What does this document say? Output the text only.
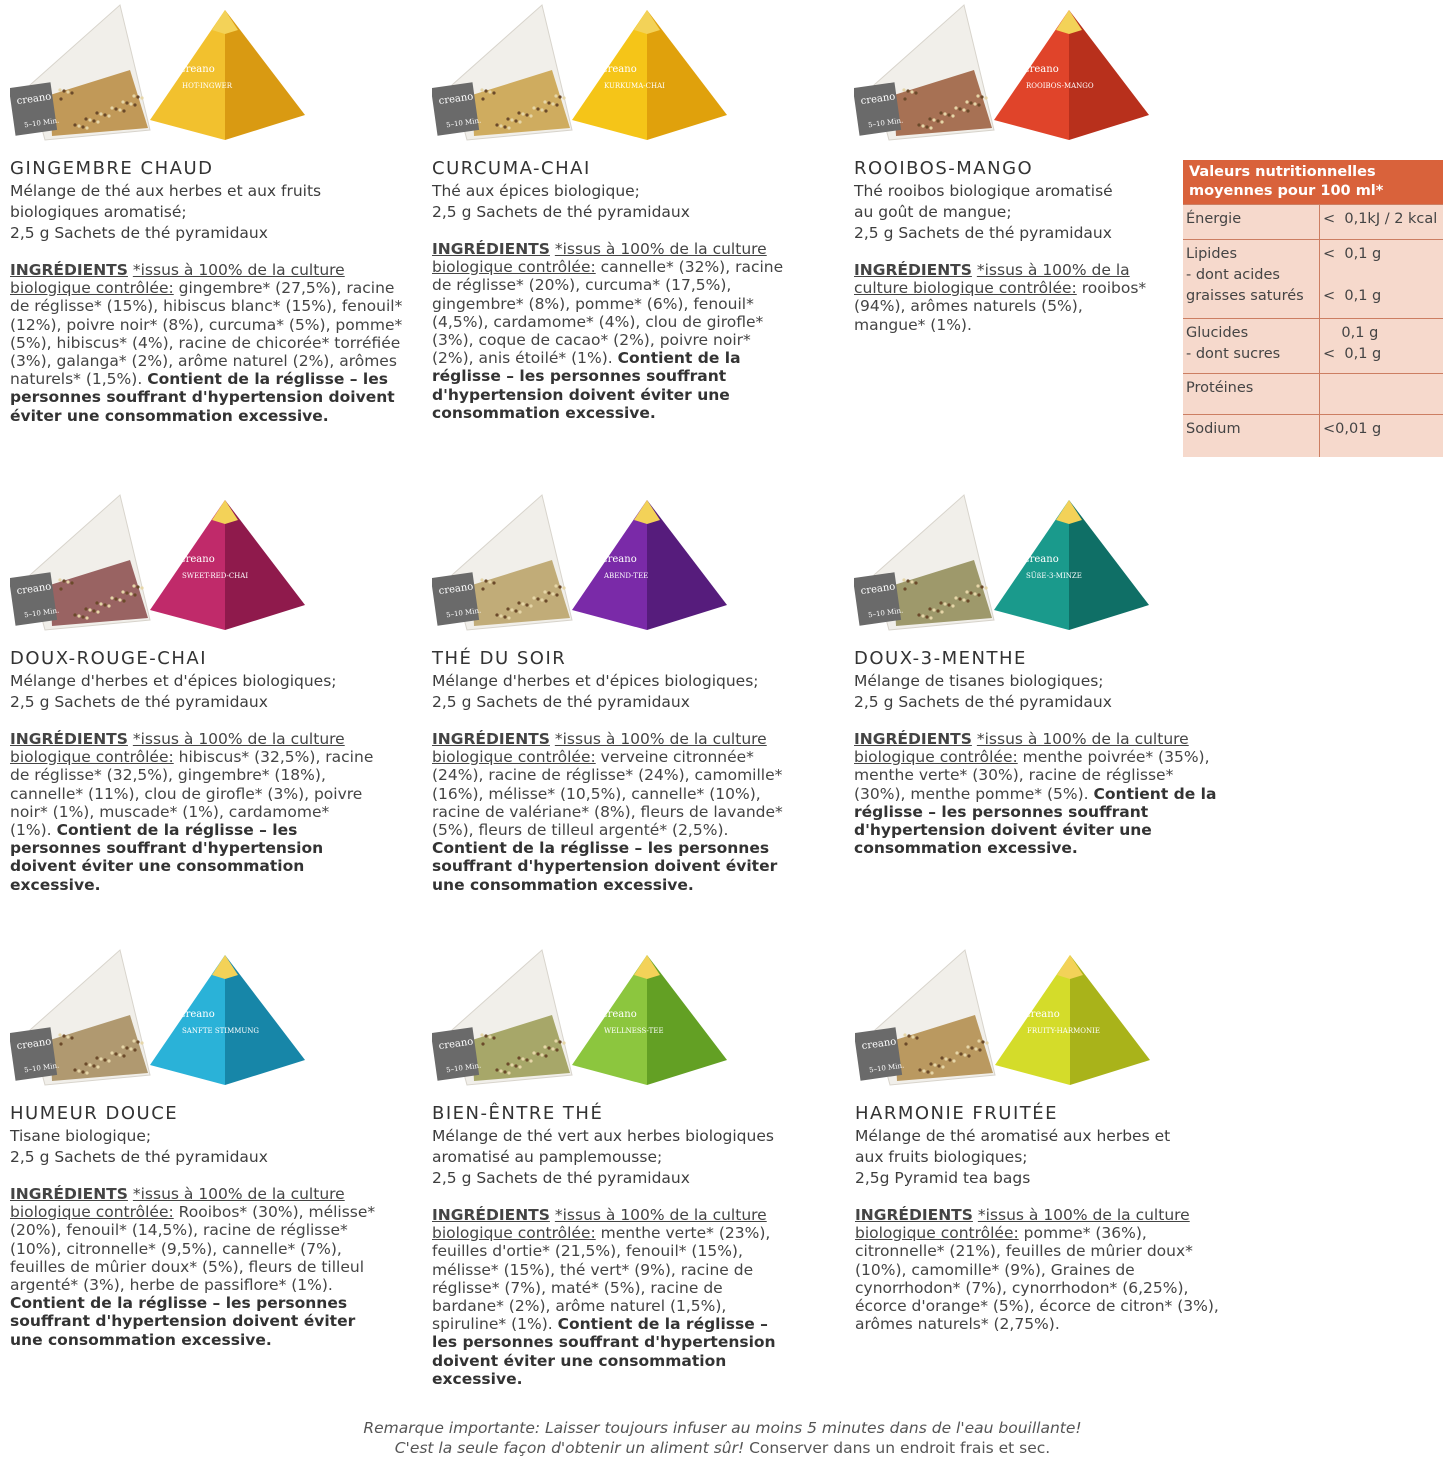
creano
5–10 Min.
creano
HOT-INGWER
GINGEMBRE CHAUD
Mélange de thé aux herbes et aux fruits
biologiques aromatisé;
2,5 g Sachets de thé pyramidaux
INGRÉDIENTS *issus à 100% de la culture biologique contrôlée: gingembre* (27,5%), racine de réglisse* (15%), hibiscus blanc* (15%), fenouil* (12%), poivre noir* (8%), curcuma* (5%), pomme* (5%), hibiscus* (4%), racine de chicorée* torréfiée (3%), galanga* (2%), arôme naturel (2%), arômes naturels* (1,5%). Contient de la réglisse – les personnes souffrant d'hypertension doivent éviter une consommation excessive.
creano
5–10 Min.
creano
KURKUMA-CHAI
CURCUMA-CHAI
Thé aux épices biologique;
2,5 g Sachets de thé pyramidaux
INGRÉDIENTS *issus à 100% de la culture biologique contrôlée: cannelle* (32%), racine de réglisse* (20%), curcuma* (17,5%), gingembre* (8%), pomme* (6%), fenouil* (4,5%), cardamome* (4%), clou de girofle* (3%), coque de cacao* (2%), poivre noir* (2%), anis étoilé* (1%). Contient de la réglisse – les personnes souffrant d'hypertension doivent éviter une consommation excessive.
creano
5–10 Min.
creano
ROOIBOS-MANGO
ROOIBOS-MANGO
Thé rooibos biologique aromatisé
au goût de mangue;
2,5 g Sachets de thé pyramidaux
INGRÉDIENTS *issus à 100% de la culture biologique contrôlée: rooibos* (94%), arômes naturels (5%), mangue* (1%).
Valeurs nutritionnelles moyennes pour 100 ml*
Énergie	<  0,1kJ / 2 kcal
Lipides
- dont acides graisses saturés
<  0,1 g

<  0,1 g
Glucides
- dont sucres
0,1 g
<  0,1 g
Protéines
Sodium	<0,01 g
creano
5–10 Min.
creano
SWEET-RED-CHAI
DOUX-ROUGE-CHAI
Mélange d'herbes et d'épices biologiques;
2,5 g Sachets de thé pyramidaux
INGRÉDIENTS *issus à 100% de la culture biologique contrôlée: hibiscus* (32,5%), racine de réglisse* (32,5%), gingembre* (18%), cannelle* (11%), clou de girofle* (3%), poivre noir* (1%), muscade* (1%), cardamome* (1%). Contient de la réglisse – les personnes souffrant d'hypertension doivent éviter une consommation excessive.
creano
5–10 Min.
creano
ABEND-TEE
THÉ DU SOIR
Mélange d'herbes et d'épices biologiques;
2,5 g Sachets de thé pyramidaux
INGRÉDIENTS *issus à 100% de la culture biologique contrôlée: verveine citronnée* (24%), racine de réglisse* (24%), camomille* (16%), mélisse* (10,5%), cannelle* (10%), racine de valériane* (8%), fleurs de lavande* (5%), fleurs de tilleul argenté* (2,5%). Contient de la réglisse – les personnes souffrant d'hypertension doivent éviter une consommation excessive.
creano
5–10 Min.
creano
SÜßE-3-MINZE
DOUX-3-MENTHE
Mélange de tisanes biologiques;
2,5 g Sachets de thé pyramidaux
INGRÉDIENTS *issus à 100% de la culture biologique contrôlée: menthe poivrée* (35%), menthe verte* (30%), racine de réglisse* (30%), menthe pomme* (5%). Contient de la réglisse – les personnes souffrant d'hypertension doivent éviter une consommation excessive.
creano
5–10 Min.
creano
SANFTE STIMMUNG
HUMEUR DOUCE
Tisane biologique;
2,5 g Sachets de thé pyramidaux
INGRÉDIENTS *issus à 100% de la culture biologique contrôlée: Rooibos* (30%), mélisse* (20%), fenouil* (14,5%), racine de réglisse* (10%), citronnelle* (9,5%), cannelle* (7%), feuilles de mûrier doux* (5%), fleurs de tilleul argenté* (3%), herbe de passiflore* (1%). Contient de la réglisse – les personnes souffrant d'hypertension doivent éviter une consommation excessive.
creano
5–10 Min.
creano
WELLNESS-TEE
BIEN-ÊNTRE THÉ
Mélange de thé vert aux herbes biologiques aromatisé au pamplemousse;
2,5 g Sachets de thé pyramidaux
INGRÉDIENTS *issus à 100% de la culture biologique contrôlée: menthe verte* (23%), feuilles d'ortie* (21,5%), fenouil* (15%), mélisse* (15%), thé vert* (9%), racine de réglisse* (7%), maté* (5%), racine de bardane* (2%), arôme naturel (1,5%), spiruline* (1%). Contient de la réglisse – les personnes souffrant d'hypertension doivent éviter une consommation excessive.
creano
5–10 Min.
creano
FRUITY-HARMONIE
HARMONIE FRUITÉE
Mélange de thé aromatisé aux herbes et
aux fruits biologiques;
2,5g Pyramid tea bags
INGRÉDIENTS *issus à 100% de la culture biologique contrôlée: pomme* (36%), citronnelle* (21%), feuilles de mûrier doux* (10%), camomille* (9%), Graines de cynorrhodon* (7%), cynorrhodon* (6,25%), écorce d'orange* (5%), écorce de citron* (3%), arômes naturels* (2,75%).
Remarque importante: Laisser toujours infuser au moins 5 minutes dans de l'eau bouillante!
C'est la seule façon d'obtenir un aliment sûr! Conserver dans un endroit frais et sec.
